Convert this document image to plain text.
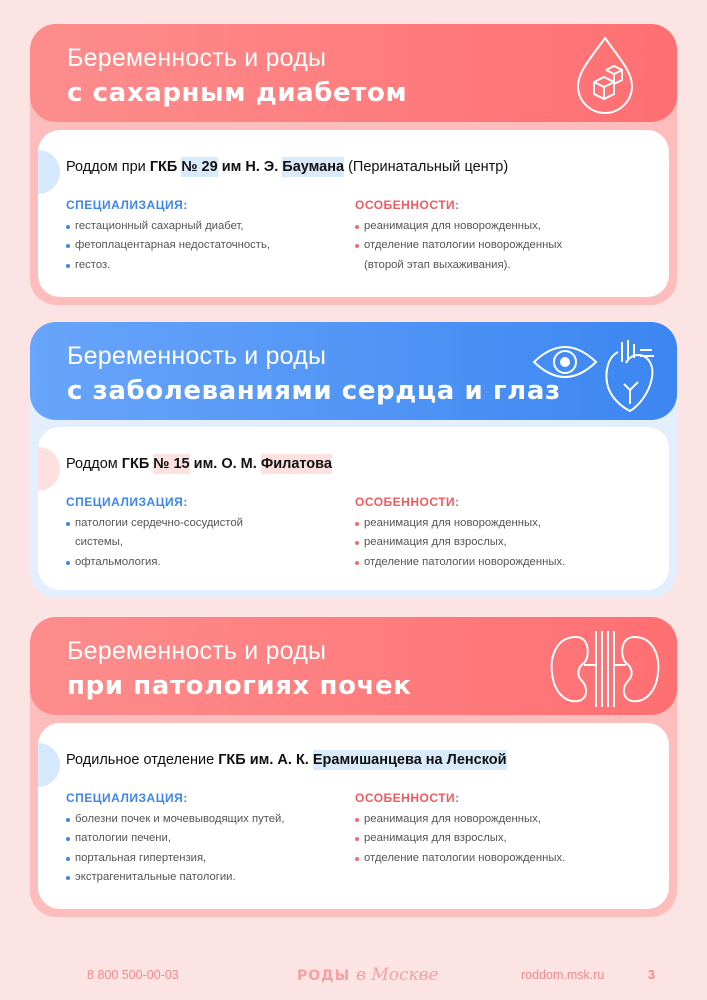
Роддом при ГКБ № 29 им Н. Э. Баумана (Перинатальный центр)
СПЕЦИАЛИЗАЦИЯ:
гестационный сахарный диабет,
фетоплацентарная недостаточность,
гестоз.
ОСОБЕННОСТИ:
реанимация для новорожденных,
отделение патологии новорожденных
(второй этап выхаживания).
Беременность и роды
с сахарным диабетом
Роддом ГКБ № 15 им. О. М. Филатова
СПЕЦИАЛИЗАЦИЯ:
патологии сердечно-сосудистой
системы,
офтальмология.
ОСОБЕННОСТИ:
реанимация для новорожденных,
реанимация для взрослых,
отделение патологии новорожденных.
Беременность и роды
с заболеваниями сердца и глаз
Родильное отделение ГКБ им. А. К. Ерамишанцева на Ленской
СПЕЦИАЛИЗАЦИЯ:
болезни почек и мочевыводящих путей,
патологии печени,
портальная гипертензия,
экстрагенитальные патологии.
ОСОБЕННОСТИ:
реанимация для новорожденных,
реанимация для взрослых,
отделение патологии новорожденных.
Беременность и роды
при патологиях почек
8 800 500-00-03	РОДЫ в Москве	roddom.msk.ru	3
